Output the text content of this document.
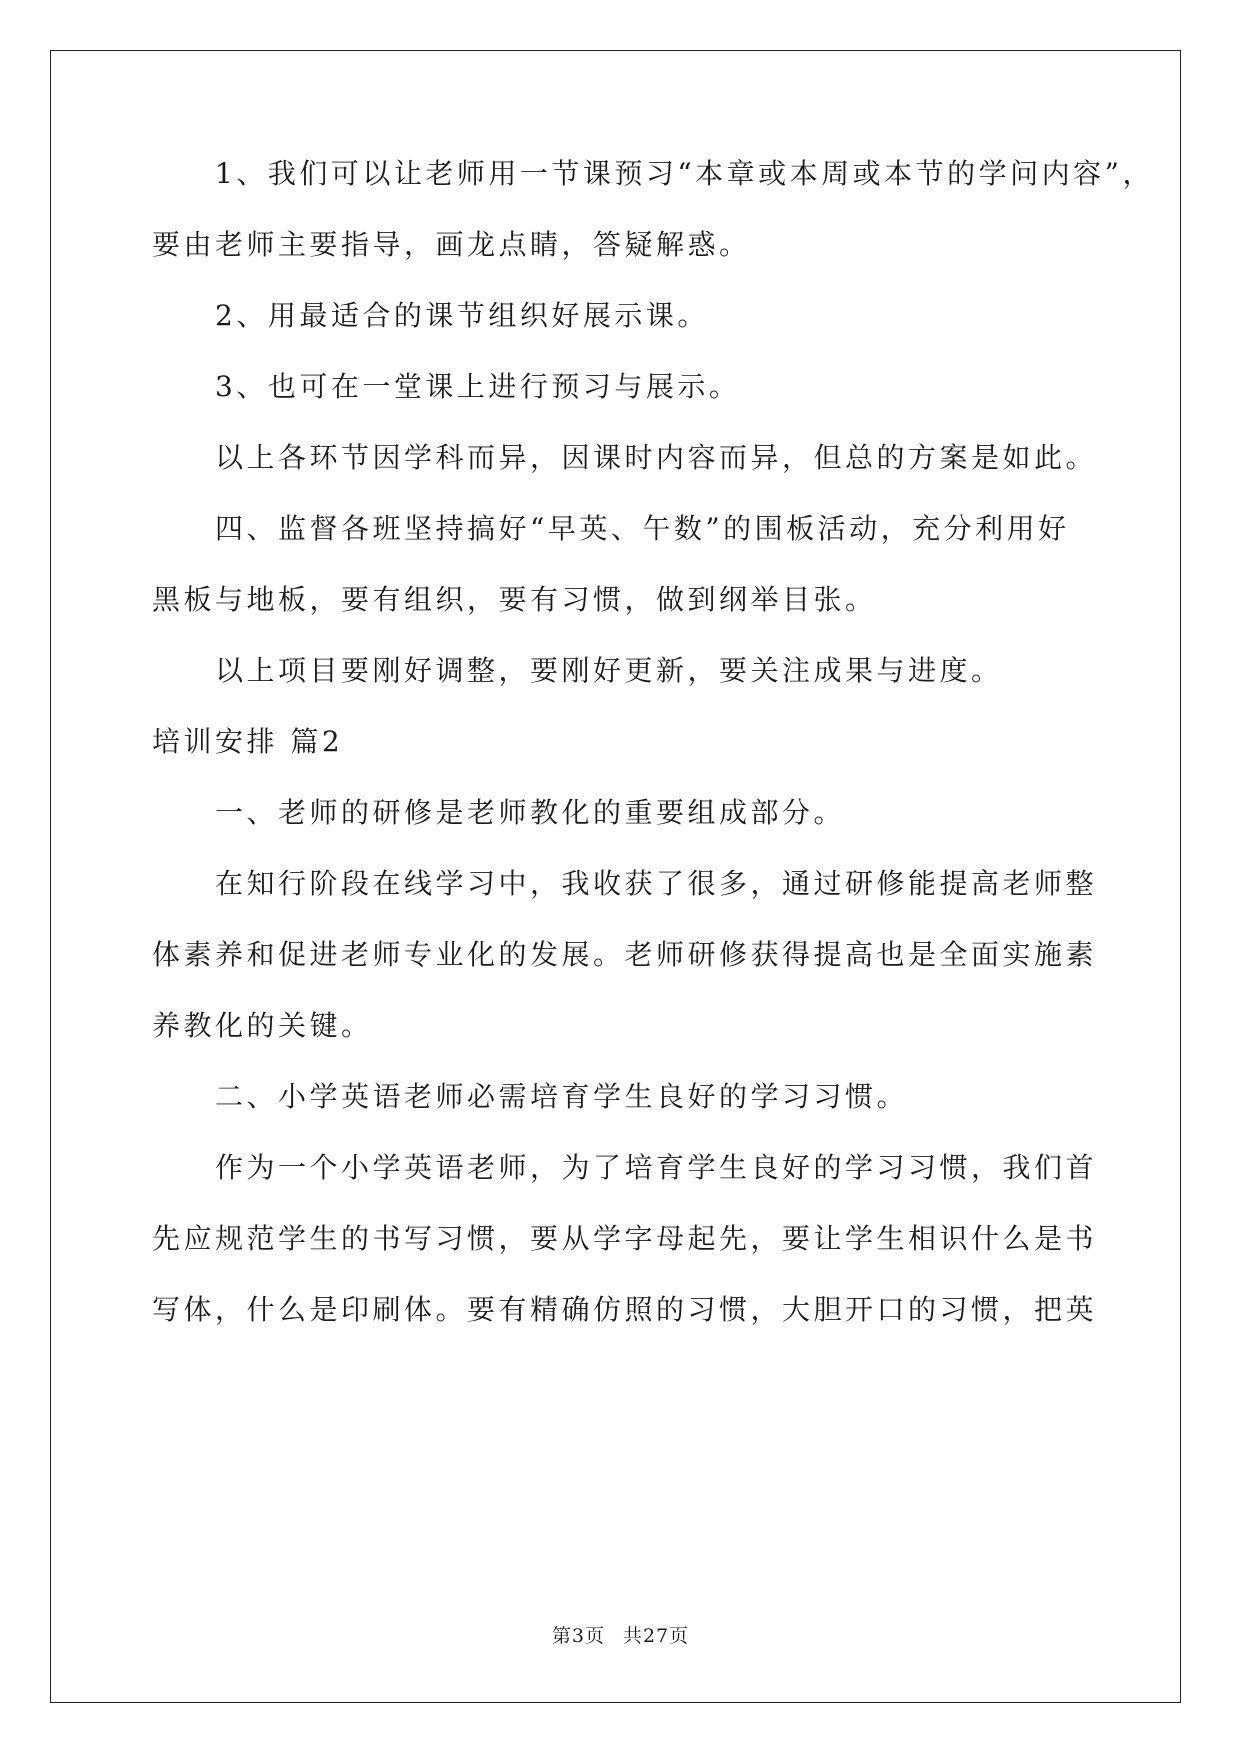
1、我们可以让老师用一节课预习“本章或本周或本节的学问内容”，
要由老师主要指导，画龙点睛，答疑解惑。
2、用最适合的课节组织好展示课。
3、也可在一堂课上进行预习与展示。
以上各环节因学科而异，因课时内容而异，但总的方案是如此。
四、监督各班坚持搞好“早英、午数”的围板活动，充分利用好
黑板与地板，要有组织，要有习惯，做到纲举目张。
以上项目要刚好调整，要刚好更新，要关注成果与进度。
培训安排 篇2
一、老师的研修是老师教化的重要组成部分。
在知行阶段在线学习中，我收获了很多，通过研修能提高老师整
体素养和促进老师专业化的发展。老师研修获得提高也是全面实施素
养教化的关键。
二、小学英语老师必需培育学生良好的学习习惯。
作为一个小学英语老师，为了培育学生良好的学习习惯，我们首
先应规范学生的书写习惯，要从学字母起先，要让学生相识什么是书
写体，什么是印刷体。要有精确仿照的习惯，大胆开口的习惯，把英
第3页 共27页
